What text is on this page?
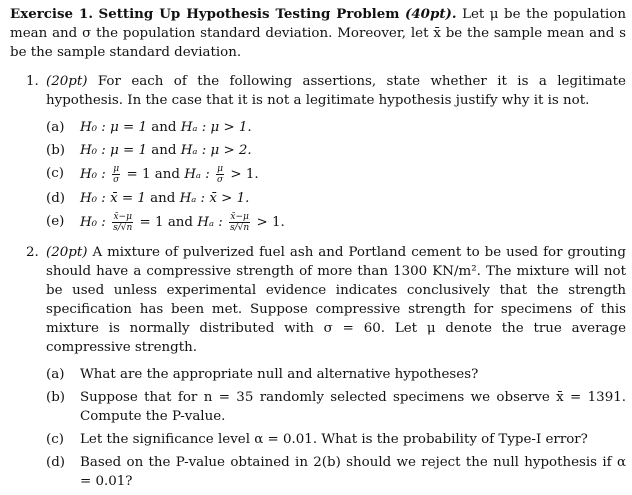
Exercise 1. Setting Up Hypothesis Testing Problem (40pt). Let μ be the population mean and σ the population standard deviation. Moreover, let x̄ be the sample mean and s be the sample standard deviation.

1. (20pt) For each of the following assertions, state whether it is a legitimate hypothesis. In the case that it is not a legitimate hypothesis justify why it is not.
(a) H₀ : μ = 1 and Hₐ : μ > 1.
(b) H₀ : μ = 1 and Hₐ : μ > 2.
(c) H₀ : $\frac{\mu}{\sigma} = 1$ and Hₐ : $\frac{\mu}{\sigma} > 1$.
(d) H₀ : x̄ = 1 and Hₐ : x̄ > 1.
(e) H₀ : $\frac{x̄-\mu}{s/√n} = 1$ and Hₐ : $\frac{x̄-\mu}{s/√n} > 1$.
2. (20pt) A mixture of pulverized fuel ash and Portland cement to be used for grouting should have a compressive strength of more than 1300 KN/m². The mixture will not be used unless experimental evidence indicates conclusively that the strength specification has been met. Suppose compressive strength for specimens of this mixture is normally distributed with σ = 60. Let μ denote the true average compressive strength.
(a) What are the appropriate null and alternative hypotheses?
(b) Suppose that for n = 35 randomly selected specimens we observe x̄ = 1391. Compute the P-value.
(c) Let the significance level α = 0.01. What is the probability of Type-I error?
(d) Based on the P-value obtained in 2(b) should we reject the null hypothesis if α = 0.01?
